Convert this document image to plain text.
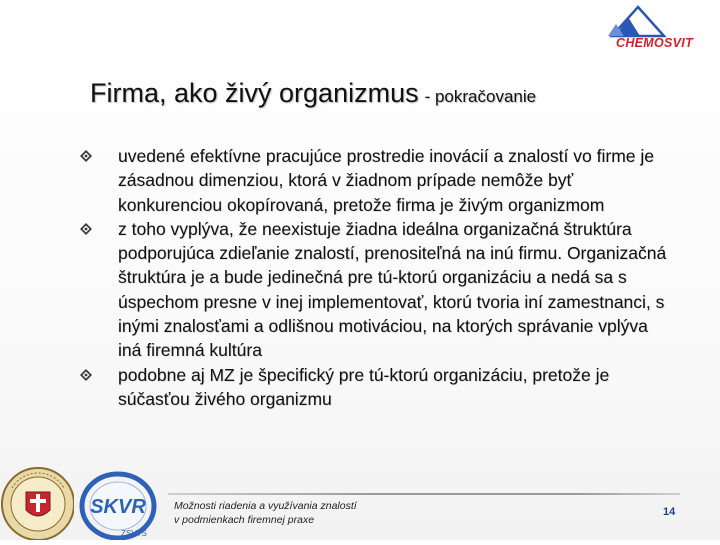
CHEMOSVIT
Firma, ako živý organizmus - pokračovanie
uvedené efektívne pracujúce prostredie inovácií a znalostí vo firme je zásadnou dimenziou, ktorá v žiadnom prípade nemôže byť konkurenciou okopírovaná, pretože firma je živým organizmom
z toho vyplýva, že neexistuje žiadna ideálna organizačná štruktúra podporujúca zdieľanie znalostí, prenositeľná na inú firmu. Organizačná štruktúra je a bude jedinečná pre tú-ktorú organizáciu a nedá sa s úspechom presne v inej implementovať, ktorú tvoria iní zamestnanci, s inými znalosťami a odlišnou motiváciou, na ktorých správanie vplýva iná firemná kultúra
podobne aj MZ je špecifický pre tú-ktorú organizáciu, pretože je súčasťou živého organizmu
SKVR
ZSVTS
Možnosti riadenia a využívania znalostí
v podmienkach firemnej praxe
14
